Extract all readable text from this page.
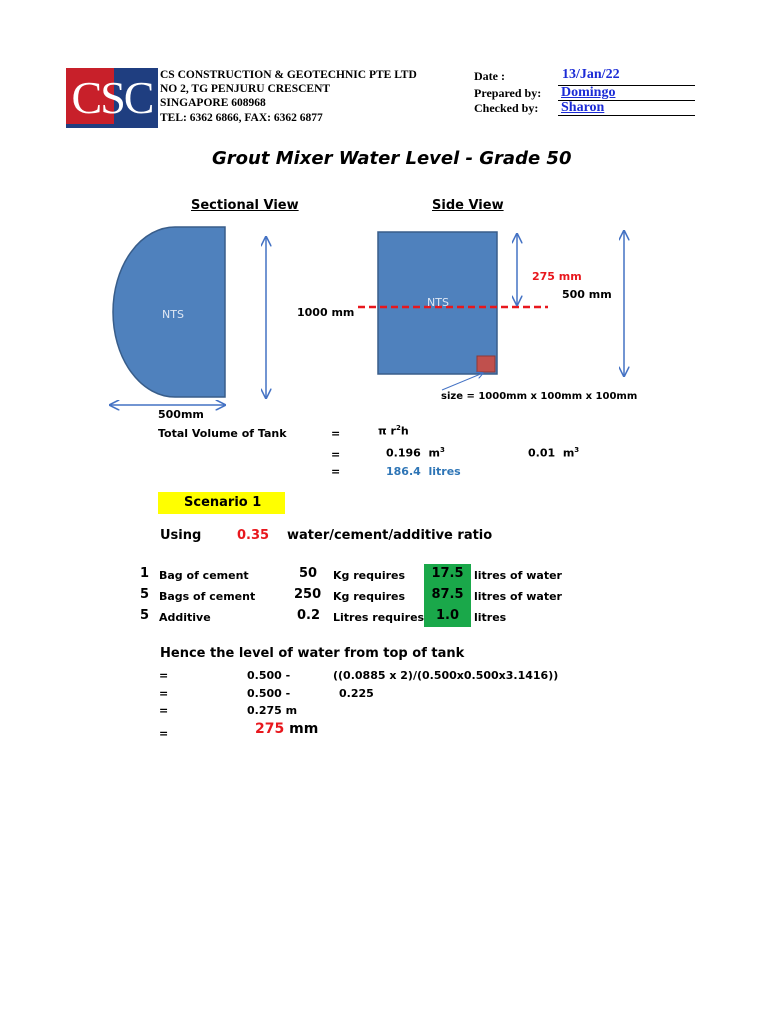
CSC CS CONSTRUCTION & GEOTECHNIC PTE LTD
NO 2, TG PENJURU CRESCENT
SINGAPORE 608968
TEL: 6362 6866, FAX: 6362 6877
Date :	13/Jan/22
Prepared by: Domingo
Checked by: Sharon
Grout Mixer Water Level - Grade 50
Sectional View	Side View
NTS
NTS
1000 mm
500mm
275 mm
500 mm
size = 1000mm x 100mm x 100mm
Total Volume of Tank	=	π $r^2h$
=	0.196 $m^3$	0.01 $m^3$
=	186.4 litres
Scenario 1
Using	0.35 water/cement/additive ratio
1 Bag of cement	50 Kg requires	17.5 litres of water
5 Bags of cement	250 Kg requires	87.5 litres of water
5 Additive	0.2 Litres requires 1.0	litres
Hence the level of water from top of tank
=	0.500 -	((0.0885 x 2)/(0.500x0.500x3.1416))
=	0.500 -	0.225
=	0.275 m
=	275 mm
